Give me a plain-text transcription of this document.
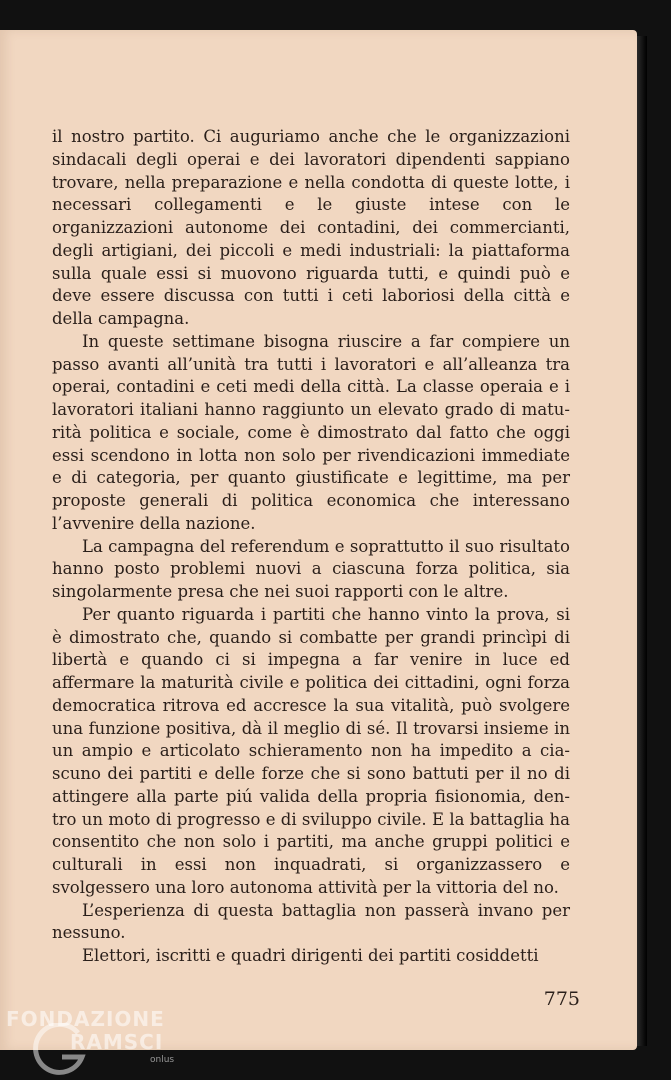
il nostro partito. Ci auguriamo anche che le organizzazioni sindacali degli operai e dei lavoratori dipendenti sappiano trovare, nella preparazione e nella condotta di queste lotte, i necessari collegamenti e le giuste intese con le organizzazioni autonome dei contadini, dei commercianti, degli artigiani, dei piccoli e medi industriali: la piattaforma sulla quale essi si muovono riguarda tutti, e quindi può e deve essere discussa con tutti i ceti laboriosi della città e della campagna.

In queste settimane bisogna riuscire a far compiere un passo avanti all’unità tra tutti i lavoratori e all’alleanza tra operai, contadini e ceti medi della città. La classe operaia e i lavoratori italiani hanno raggiunto un elevato grado di maturità politica e sociale, come è dimostrato dal fatto che oggi essi scendono in lotta non solo per rivendicazioni immediate e di categoria, per quanto giustificate e legittime, ma per proposte generali di politica economica che interessano l’avvenire della nazione.

La campagna del referendum e soprattutto il suo risultato hanno posto problemi nuovi a ciascuna forza politica, sia singolarmente presa che nei suoi rapporti con le altre.

Per quanto riguarda i partiti che hanno vinto la prova, si è dimostrato che, quando si combatte per grandi princìpi di libertà e quando ci si impegna a far venire in luce ed affermare la maturità civile e politica dei cittadini, ogni forza democratica ritrova ed accresce la sua vitalità, può svolgere una funzione positiva, dà il meglio di sé. Il trovarsi insieme in un ampio e articolato schieramento non ha impedito a ciascuno dei partiti e delle forze che si sono battuti per il no di attingere alla parte piú valida della propria fisionomia, dentro un moto di progresso e di sviluppo civile. E la battaglia ha consentito che non solo i partiti, ma anche gruppi politici e culturali in essi non inquadrati, si organizzassero e svolgessero una loro autonoma attività per la vittoria del no.

L’esperienza di questa battaglia non passerà invano per nessuno.

Elettori, iscritti e quadri dirigenti dei partiti cosiddetti

775
FONDAZIONE
RAMSCI
onlus
